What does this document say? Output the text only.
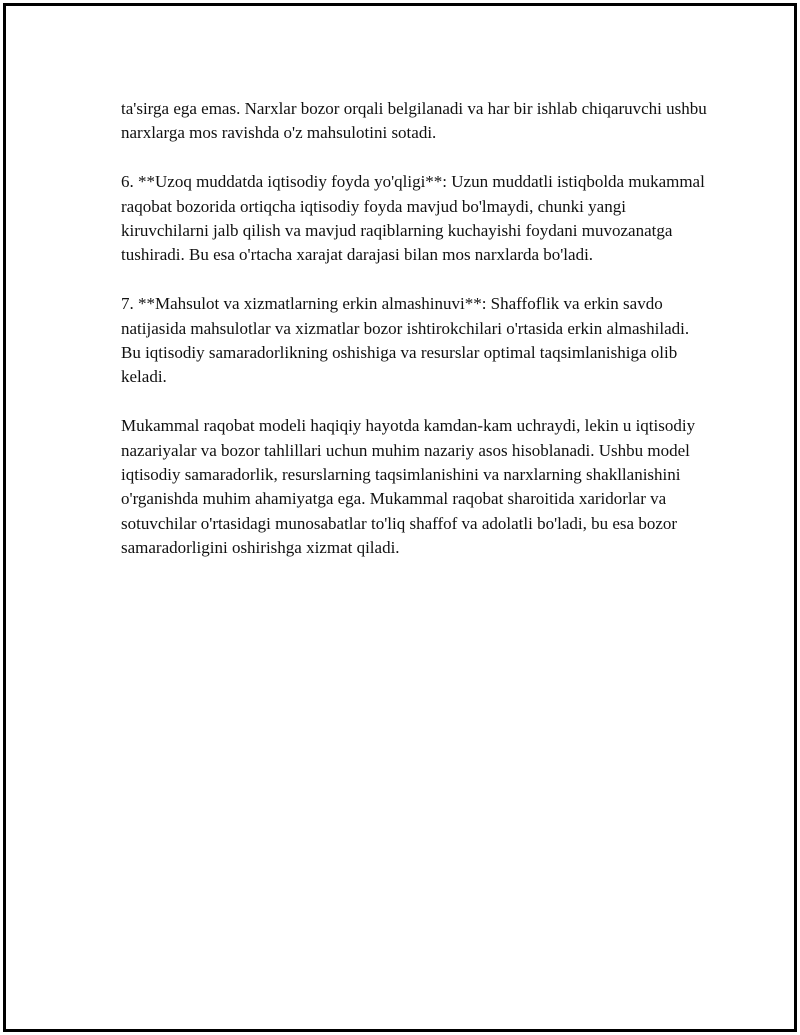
ta'sirga ega emas. Narxlar bozor orqali belgilanadi va har bir ishlab chiqaruvchi ushbu narxlarga mos ravishda o'z mahsulotini sotadi.

6. **Uzoq muddatda iqtisodiy foyda yo'qligi**: Uzun muddatli istiqbolda mukammal raqobat bozorida ortiqcha iqtisodiy foyda mavjud bo'lmaydi, chunki yangi kiruvchilarni jalb qilish va mavjud raqiblarning kuchayishi foydani muvozanatga tushiradi. Bu esa o'rtacha xarajat darajasi bilan mos narxlarda bo'ladi.

7. **Mahsulot va xizmatlarning erkin almashinuvi**: Shaffoflik va erkin savdo natijasida mahsulotlar va xizmatlar bozor ishtirokchilari o'rtasida erkin almashiladi. Bu iqtisodiy samaradorlikning oshishiga va resurslar optimal taqsimlanishiga olib keladi.

Mukammal raqobat modeli haqiqiy hayotda kamdan-kam uchraydi, lekin u iqtisodiy nazariyalar va bozor tahlillari uchun muhim nazariy asos hisoblanadi. Ushbu model iqtisodiy samaradorlik, resurslarning taqsimlanishini va narxlarning shakllanishini o'rganishda muhim ahamiyatga ega. Mukammal raqobat sharoitida xaridorlar va sotuvchilar o'rtasidagi munosabatlar to'liq shaffof va adolatli bo'ladi, bu esa bozor samaradorligini oshirishga xizmat qiladi.
